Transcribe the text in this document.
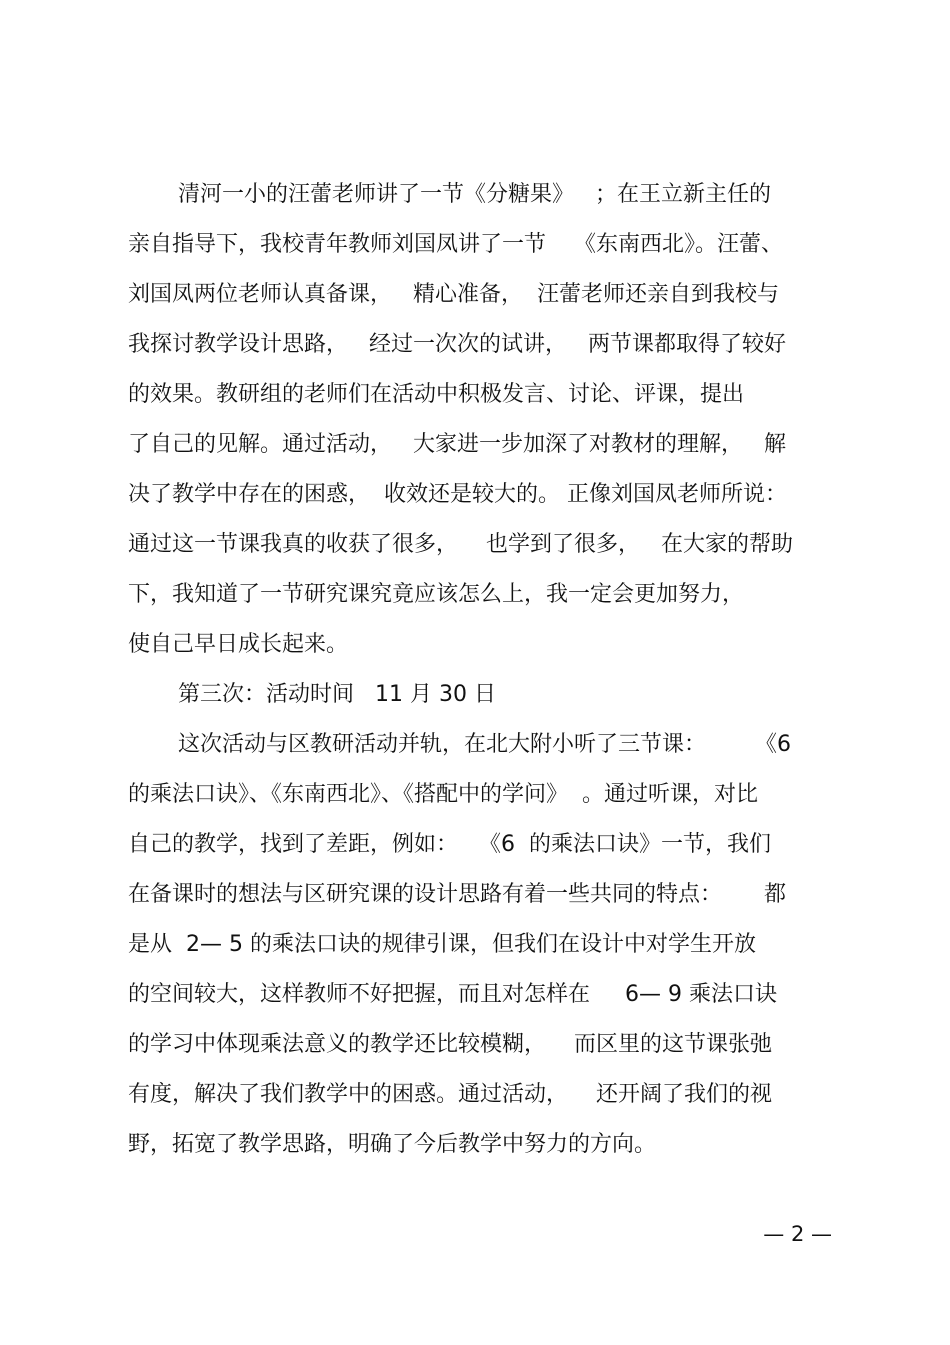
清河一小的汪蕾老师讲了一节《分糖果》   ；在王立新主任的
亲自指导下，我校青年教师刘国凤讲了一节    《东南西北》。汪蕾、
刘国凤两位老师认真备课，   精心准备，  汪蕾老师还亲自到我校与
我探讨教学设计思路，   经过一次次的试讲，   两节课都取得了较好
的效果。教研组的老师们在活动中积极发言、讨论、评课，提出
了自己的见解。通过活动，   大家进一步加深了对教材的理解，   解
决了教学中存在的困惑，  收效还是较大的。 正像刘国凤老师所说：
通过这一节课我真的收获了很多，    也学到了很多，   在大家的帮助
下，我知道了一节研究课究竟应该怎么上，我一定会更加努力，
使自己早日成长起来。
第三次：活动时间   11 月 30 日
这次活动与区教研活动并轨，在北大附小听了三节课：       《6
的乘法口诀》、《东南西北》、《搭配中的学问》  。通过听课，对比
自己的教学，找到了差距，例如：   《6  的乘法口诀》一节，我们
在备课时的想法与区研究课的设计思路有着一些共同的特点：      都
是从  2— 5 的乘法口诀的规律引课，但我们在设计中对学生开放
的空间较大，这样教师不好把握，而且对怎样在     6— 9 乘法口诀
的学习中体现乘法意义的教学还比较模糊，    而区里的这节课张弛
有度，解决了我们教学中的困惑。通过活动，    还开阔了我们的视
野，拓宽了教学思路，明确了今后教学中努力的方向。
— 2 —
